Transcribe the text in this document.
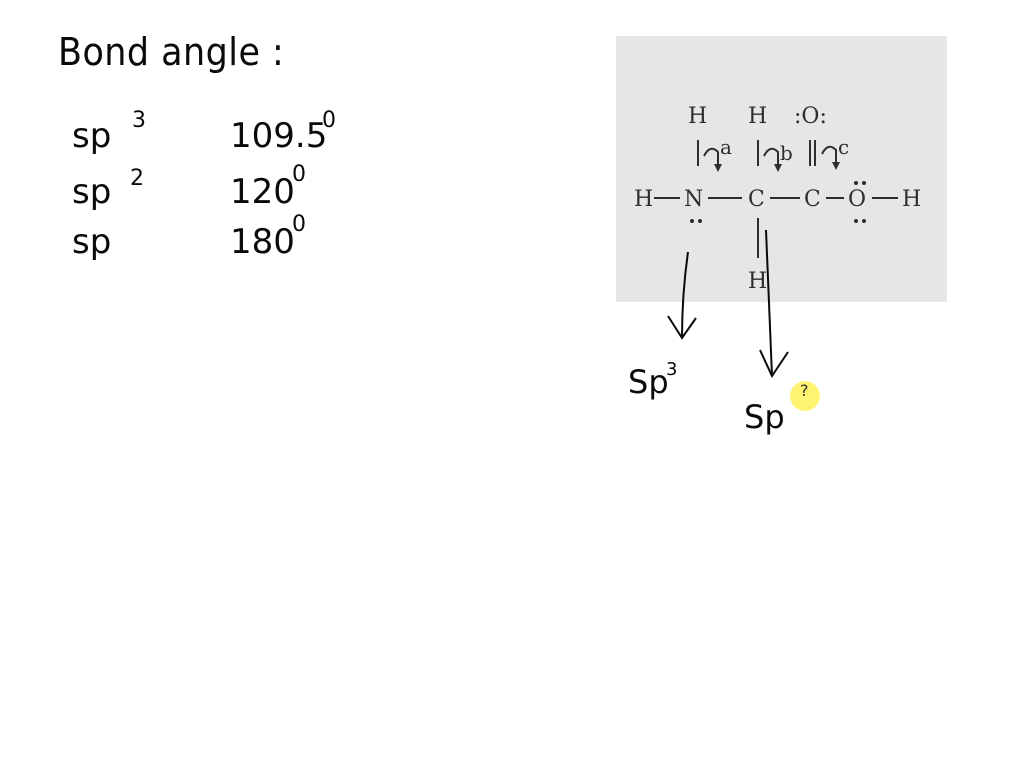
Bond angle :
sp 3 109.5
0
sp 2	120
0
sp	180
0
H H :O:
a b c
H N C C O H
H
Sp
3
Sp
?
